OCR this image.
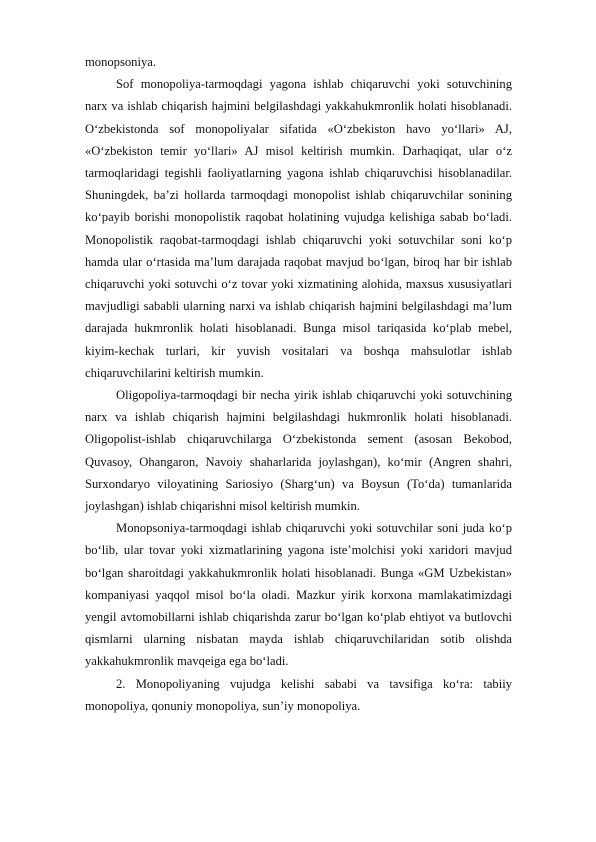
monopsoniya.

Sof monopoliya-tarmoqdagi yagona ishlab chiqaruvchi yoki sotuvchining narx va ishlab chiqarish hajmini belgilashdagi yakkahukmronlik holati hisoblanadi. O‘zbekistonda sof monopoliyalar sifatida «O‘zbekiston havo yo‘llari» AJ, «O‘zbekiston temir yo‘llari» AJ misol keltirish mumkin. Darhaqiqat, ular o‘z tarmoqlaridagi tegishli faoliyatlarning yagona ishlab chiqaruvchisi hisoblanadilar. Shuningdek, ba’zi hollarda tarmoqdagi monopolist ishlab chiqaruvchilar sonining ko‘payib borishi monopolistik raqobat holatining vujudga kelishiga sabab bo‘ladi. Monopolistik raqobat-tarmoqdagi ishlab chiqaruvchi yoki sotuvchilar soni ko‘p hamda ular o‘rtasida ma’lum darajada raqobat mavjud bo‘lgan, biroq har bir ishlab chiqaruvchi yoki sotuvchi o‘z tovar yoki xizmatining alohida, maxsus xususiyatlari mavjudligi sababli ularning narxi va ishlab chiqarish hajmini belgilashdagi ma’lum darajada hukmronlik holati hisoblanadi. Bunga misol tariqasida ko‘plab mebel, kiyim-kechak turlari, kir yuvish vositalari va boshqa mahsulotlar ishlab chiqaruvchilarini keltirish mumkin.

Oligopoliya-tarmoqdagi bir necha yirik ishlab chiqaruvchi yoki sotuvchining narx va ishlab chiqarish hajmini belgilashdagi hukmronlik holati hisoblanadi. Oligopolist-ishlab chiqaruvchilarga O‘zbekistonda sement (asosan Bekobod, Quvasoy, Ohangaron, Navoiy shaharlarida joylashgan), ko‘mir (Angren shahri, Surxondaryo viloyatining Sariosiyo (Sharg‘un) va Boysun (To‘da) tumanlarida joylashgan) ishlab chiqarishni misol keltirish mumkin.

Monopsoniya-tarmoqdagi ishlab chiqaruvchi yoki sotuvchilar soni juda ko‘p bo‘lib, ular tovar yoki xizmatlarining yagona iste’molchisi yoki xaridori mavjud bo‘lgan sharoitdagi yakkahukmronlik holati hisoblanadi. Bunga «GM Uzbekistan» kompaniyasi yaqqol misol bo‘la oladi. Mazkur yirik korxona mamlakatimizdagi yengil avtomobillarni ishlab chiqarishda zarur bo‘lgan ko‘plab ehtiyot va butlovchi qismlarni ularning nisbatan mayda ishlab chiqaruvchilaridan sotib olishda yakkahukmronlik mavqeiga ega bo‘ladi.

2. Monopoliyaning vujudga kelishi sababi va tavsifiga ko‘ra: tabiiy monopoliya, qonuniy monopoliya, sun’iy monopoliya.
